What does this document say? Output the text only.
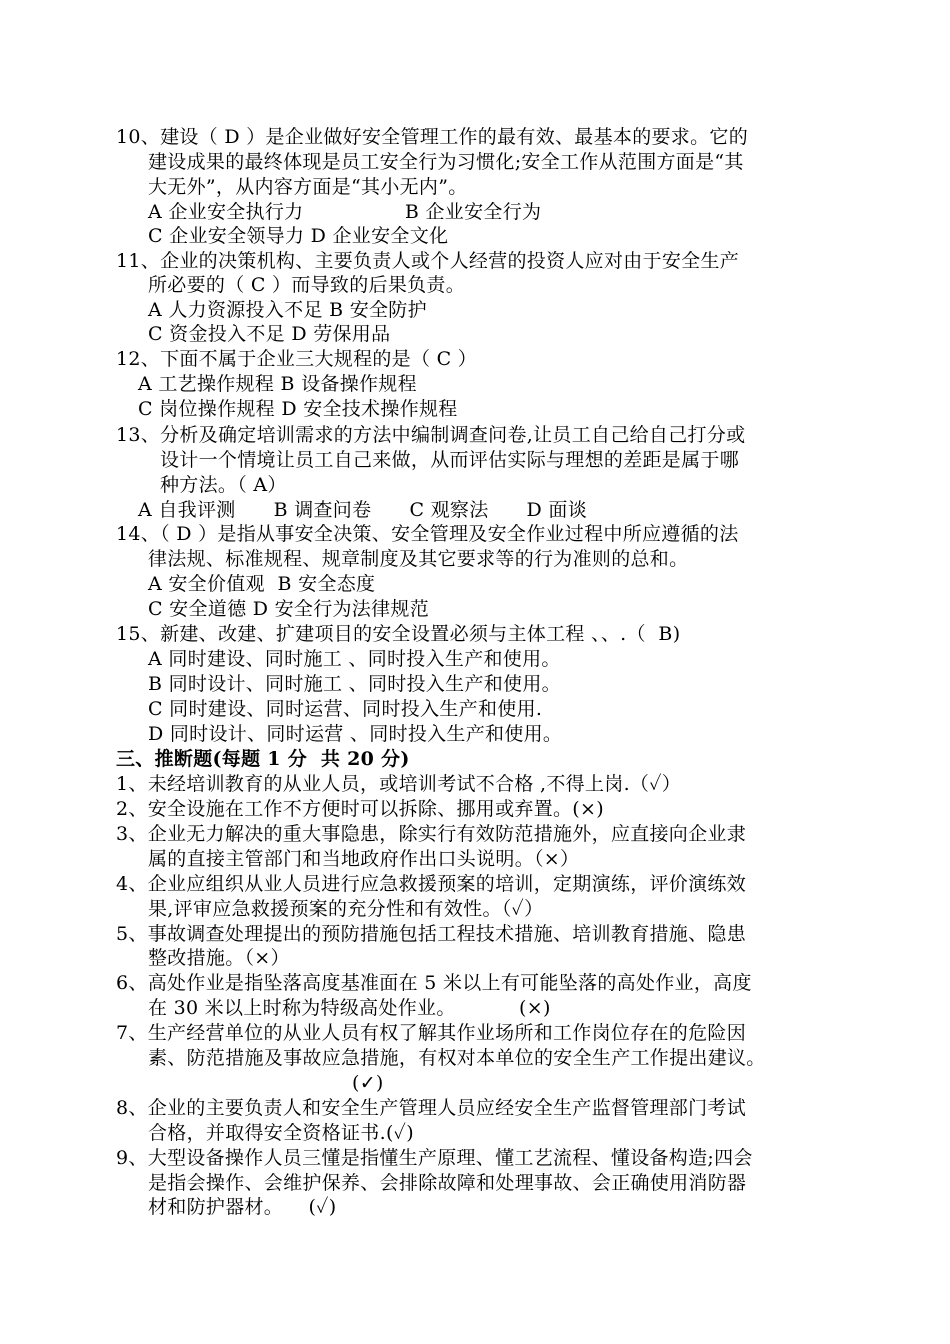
10、建设（ D ）是企业做好安全管理工作的最有效、最基本的要求。它的
建设成果的最终体现是员工安全行为习惯化;安全工作从范围方面是“其
大无外”，从内容方面是“其小无内”。
A 企业安全执行力                B 企业安全行为
C 企业安全领导力 D 企业安全文化
11、企业的决策机构、主要负责人或个人经营的投资人应对由于安全生产
所必要的（ C ）而导致的后果负责。
A 人力资源投入不足 B 安全防护
C 资金投入不足 D 劳保用品
12、下面不属于企业三大规程的是（ C ）
A 工艺操作规程 B 设备操作规程
C 岗位操作规程 D 安全技术操作规程
13、分析及确定培训需求的方法中编制调查问卷,让员工自己给自己打分或
设计一个情境让员工自己来做，从而评估实际与理想的差距是属于哪
种方法。（ A）
A 自我评测      B 调查问卷      C 观察法      D 面谈
14、（ D ）是指从事安全决策、安全管理及安全作业过程中所应遵循的法
律法规、标准规程、规章制度及其它要求等的行为准则的总和。
A 安全价值观  B 安全态度
C 安全道德 D 安全行为法律规范
15、新建、改建、扩建项目的安全设置必须与主体工程 、、.（  B)
A 同时建设、同时施工 、同时投入生产和使用。
B 同时设计、同时施工 、同时投入生产和使用。
C 同时建设、同时运营、同时投入生产和使用.
D 同时设计、同时运营 、同时投入生产和使用。
三、推断题(每题 1 分  共 20 分)
1、未经培训教育的从业人员，或培训考试不合格 ,不得上岗.（✓）
2、安全设施在工作不方便时可以拆除、挪用或弃置。(×)
3、企业无力解决的重大事隐患，除实行有效防范措施外，应直接向企业隶
属的直接主管部门和当地政府作出口头说明。（×）
4、企业应组织从业人员进行应急救援预案的培训，定期演练，评价演练效
果,评审应急救援预案的充分性和有效性。（✓）
5、事故调查处理提出的预防措施包括工程技术措施、培训教育措施、隐患
整改措施。（×）
6、高处作业是指坠落高度基准面在 5 米以上有可能坠落的高处作业，高度
在 30 米以上时称为特级高处作业。          (×)
7、生产经营单位的从业人员有权了解其作业场所和工作岗位存在的危险因
素、防范措施及事故应急措施，有权对本单位的安全生产工作提出建议。
(✓)
8、企业的主要负责人和安全生产管理人员应经安全生产监督管理部门考试
合格，并取得安全资格证书.(✓)
9、大型设备操作人员三懂是指懂生产原理、懂工艺流程、懂设备构造;四会
是指会操作、会维护保养、会排除故障和处理事故、会正确使用消防器
材和防护器材。    (✓)
